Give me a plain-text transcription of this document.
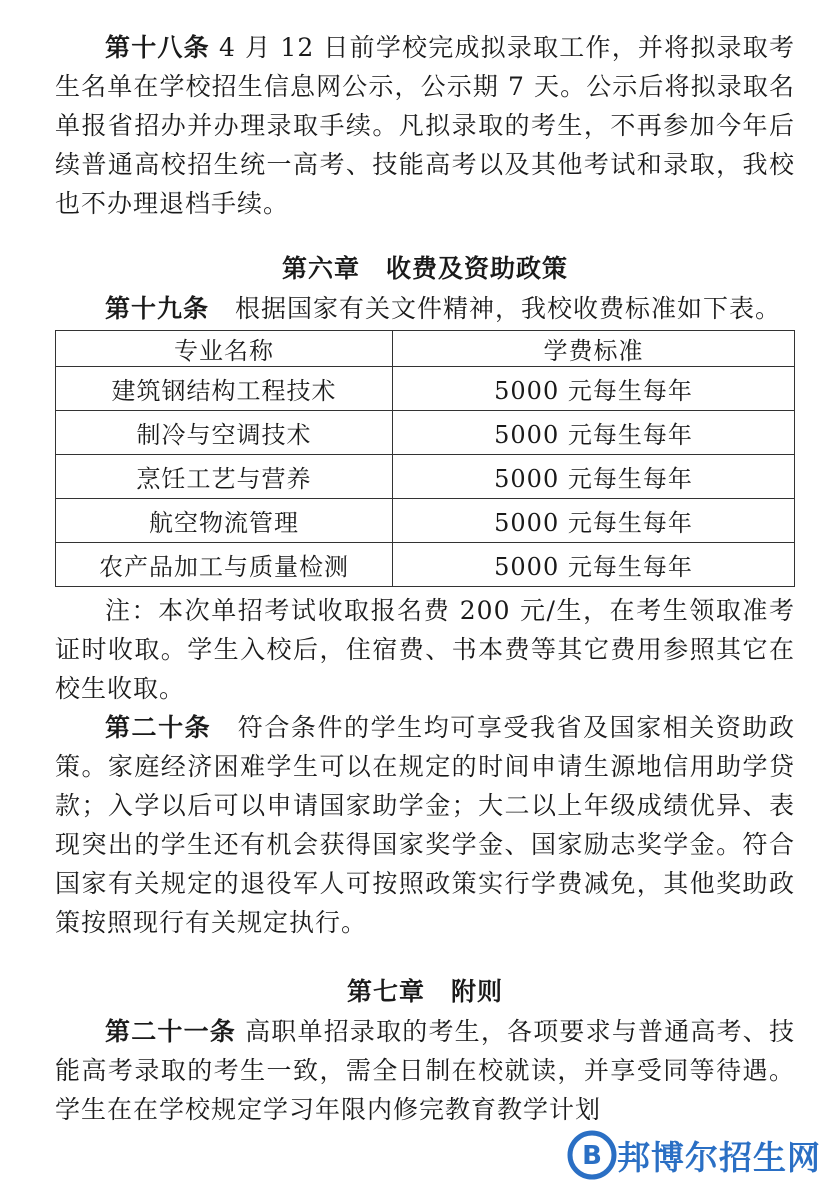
第十八条 4 月 12 日前学校完成拟录取工作，并将拟录取考生名单在学校招生信息网公示，公示期 7 天。公示后将拟录取名单报省招办并办理录取手续。凡拟录取的考生，不再参加今年后续普通高校招生统一高考、技能高考以及其他考试和录取，我校也不办理退档手续。

第六章　收费及资助政策

第十九条　根据国家有关文件精神，我校收费标准如下表。

专业名称	学费标准
建筑钢结构工程技术	5000 元每生每年
制冷与空调技术	5000 元每生每年
烹饪工艺与营养	5000 元每生每年
航空物流管理	5000 元每生每年
农产品加工与质量检测	5000 元每生每年

注：本次单招考试收取报名费 200 元/生，在考生领取准考证时收取。学生入校后，住宿费、书本费等其它费用参照其它在校生收取。

第二十条　符合条件的学生均可享受我省及国家相关资助政策。家庭经济困难学生可以在规定的时间申请生源地信用助学贷款；入学以后可以申请国家助学金；大二以上年级成绩优异、表现突出的学生还有机会获得国家奖学金、国家励志奖学金。符合国家有关规定的退役军人可按照政策实行学费减免，其他奖助政策按照现行有关规定执行。

第七章　附则

第二十一条 高职单招录取的考生，各项要求与普通高考、技能高考录取的考生一致，需全日制在校就读，并享受同等待遇。学生在在学校规定学习年限内修完教育教学计划

B 邦博尔招生网
